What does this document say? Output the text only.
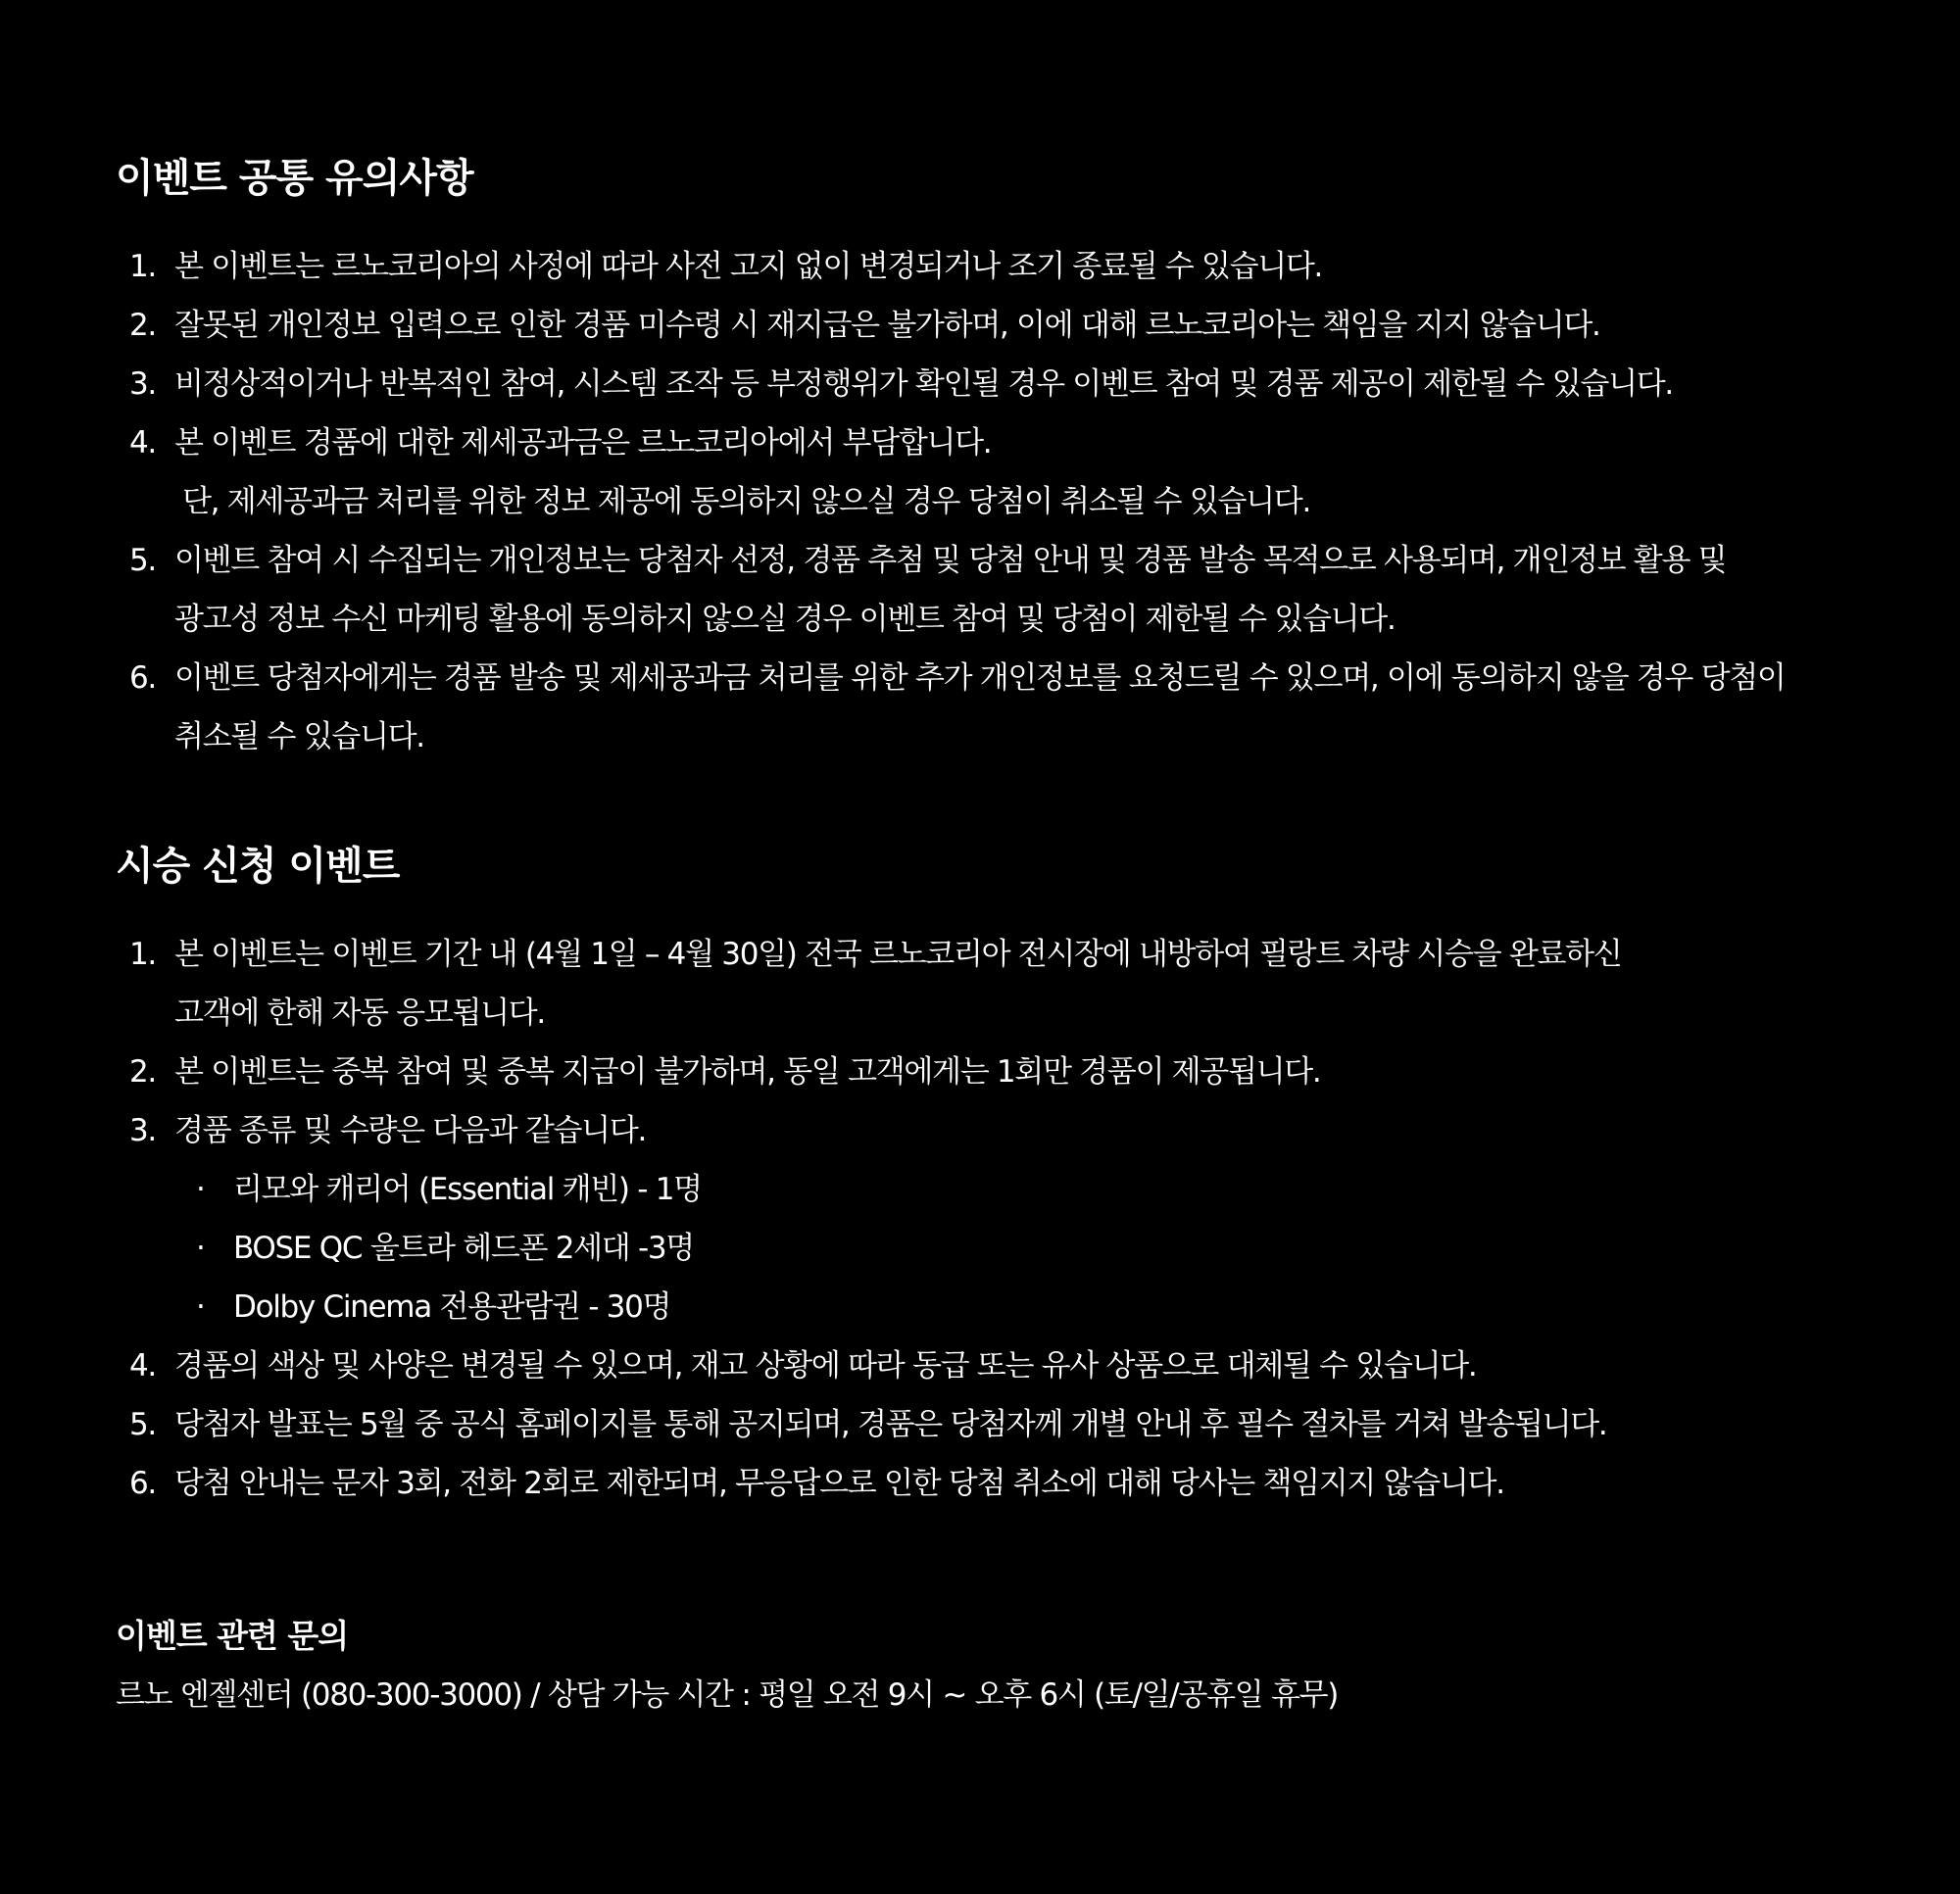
이벤트 공통 유의사항
1. 본 이벤트는 르노코리아의 사정에 따라 사전 고지 없이 변경되거나 조기 종료될 수 있습니다.
2. 잘못된 개인정보 입력으로 인한 경품 미수령 시 재지급은 불가하며, 이에 대해 르노코리아는 책임을 지지 않습니다.
3. 비정상적이거나 반복적인 참여, 시스템 조작 등 부정행위가 확인될 경우 이벤트 참여 및 경품 제공이 제한될 수 있습니다.
4. 본 이벤트 경품에 대한 제세공과금은 르노코리아에서 부담합니다.
단, 제세공과금 처리를 위한 정보 제공에 동의하지 않으실 경우 당첨이 취소될 수 있습니다.
5. 이벤트 참여 시 수집되는 개인정보는 당첨자 선정, 경품 추첨 및 당첨 안내 및 경품 발송 목적으로 사용되며, 개인정보 활용 및
광고성 정보 수신 마케팅 활용에 동의하지 않으실 경우 이벤트 참여 및 당첨이 제한될 수 있습니다.
6. 이벤트 당첨자에게는 경품 발송 및 제세공과금 처리를 위한 추가 개인정보를 요청드릴 수 있으며, 이에 동의하지 않을 경우 당첨이
취소될 수 있습니다.
시승 신청 이벤트
1. 본 이벤트는 이벤트 기간 내 (4월 1일 – 4월 30일) 전국 르노코리아 전시장에 내방하여 필랑트 차량 시승을 완료하신
고객에 한해 자동 응모됩니다.
2. 본 이벤트는 중복 참여 및 중복 지급이 불가하며, 동일 고객에게는 1회만 경품이 제공됩니다.
3. 경품 종류 및 수량은 다음과 같습니다.
· 리모와 캐리어 (Essential 캐빈) - 1명
· BOSE QC 울트라 헤드폰 2세대 -3명
· Dolby Cinema 전용관람권 - 30명
4. 경품의 색상 및 사양은 변경될 수 있으며, 재고 상황에 따라 동급 또는 유사 상품으로 대체될 수 있습니다.
5. 당첨자 발표는 5월 중 공식 홈페이지를 통해 공지되며, 경품은 당첨자께 개별 안내 후 필수 절차를 거쳐 발송됩니다.
6. 당첨 안내는 문자 3회, 전화 2회로 제한되며, 무응답으로 인한 당첨 취소에 대해 당사는 책임지지 않습니다.
이벤트 관련 문의

르노 엔젤센터 (080-300-3000) / 상담 가능 시간 : 평일 오전 9시 ~ 오후 6시 (토/일/공휴일 휴무)
